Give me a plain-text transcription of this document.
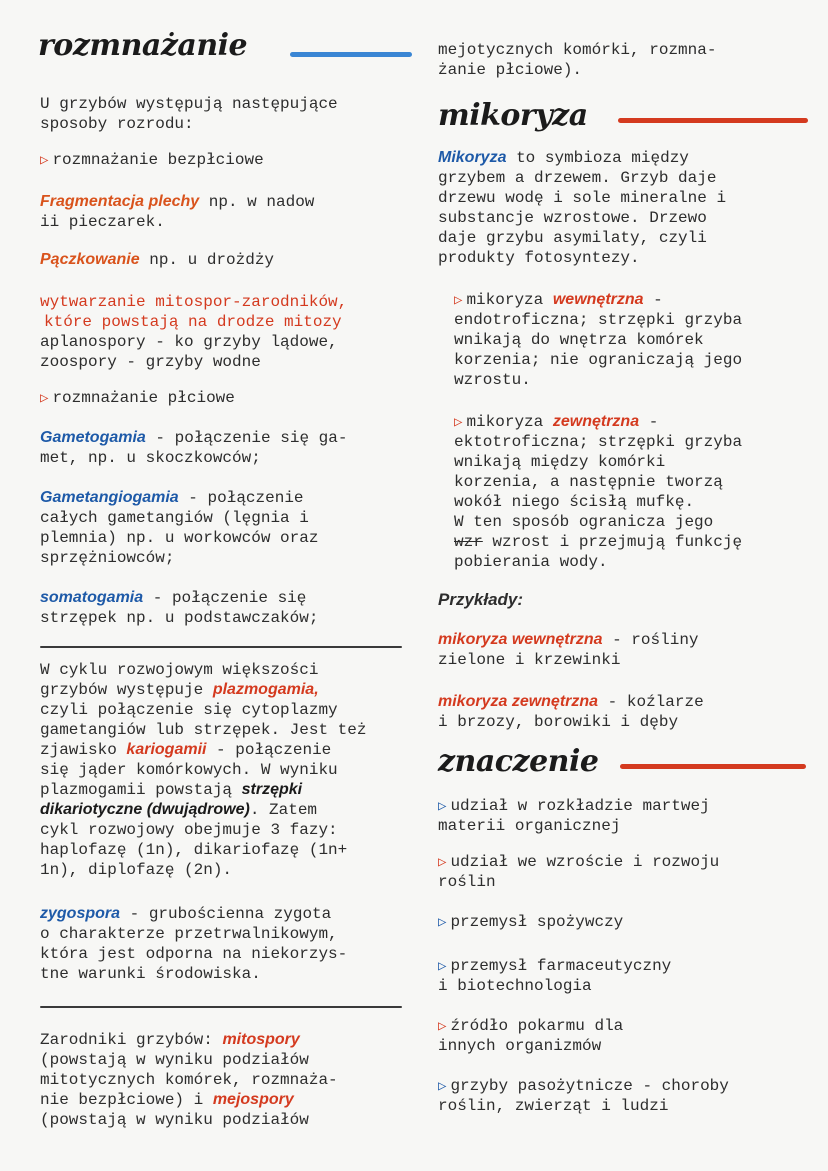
rozmnażanie
U grzybów występują następujące
sposoby rozrodu:
▷ rozmnażanie bezpłciowe
Fragmentacja plechy np. w nadow
ii pieczarek.
Pączkowanie np. u drożdży
wytwarzanie mitospor-zarodników,
które powstają na drodze mitozy
aplanospory - ko grzyby lądowe,
zoospory - grzyby wodne
▷ rozmnażanie płciowe
Gametogamia - połączenie się ga-
met, np. u skoczkowców;
Gametangiogamia - połączenie
całych gametangiów (lęgnia i
plemnia) np. u workowców oraz
sprzężniowców;
somatogamia - połączenie się
strzępek np. u podstawczaków;
W cyklu rozwojowym większości
grzybów występuje plazmogamia,
czyli połączenie się cytoplazmy
gametangiów lub strzępek. Jest też
zjawisko kariogamii - połączenie
się jąder komórkowych. W wyniku
plazmogamii powstają strzępki
dikariotyczne (dwujądrowe). Zatem
cykl rozwojowy obejmuje 3 fazy:
haplofazę (1n), dikariofazę (1n+
1n), diplofazę (2n).
zygospora - grubościenna zygota
o charakterze przetrwalnikowym,
która jest odporna na niekorzys-
tne warunki środowiska.
Zarodniki grzybów: mitospory
(powstają w wyniku podziałów
mitotycznych komórek, rozmnaża-
nie bezpłciowe) i mejospory
(powstają w wyniku podziałów
mejotycznych komórki, rozmna-
żanie płciowe).
mikoryza
Mikoryza to symbioza między
grzybem a drzewem. Grzyb daje
drzewu wodę i sole mineralne i
substancje wzrostowe. Drzewo
daje grzybu asymilaty, czyli
produkty fotosyntezy.
▷ mikoryza wewnętrzna -
endotroficzna; strzępki grzyba
wnikają do wnętrza komórek
korzenia; nie ograniczają jego
wzrostu.
▷ mikoryza zewnętrzna -
ektotroficzna; strzępki grzyba
wnikają między komórki
korzenia, a następnie tworzą
wokół niego ścisłą mufkę.
W ten sposób ogranicza jego
wzr wzrost i przejmują funkcję
pobierania wody.
Przykłady:
mikoryza wewnętrzna - rośliny
zielone i krzewinki
mikoryza zewnętrzna - koźlarze
i brzozy, borowiki i dęby
znaczenie
▷ udział w rozkładzie martwej
materii organicznej
▷ udział we wzroście i rozwoju
roślin
▷ przemysł spożywczy
▷ przemysł farmaceutyczny
i biotechnologia
▷ źródło pokarmu dla
innych organizmów
▷ grzyby pasożytnicze - choroby
roślin, zwierząt i ludzi
